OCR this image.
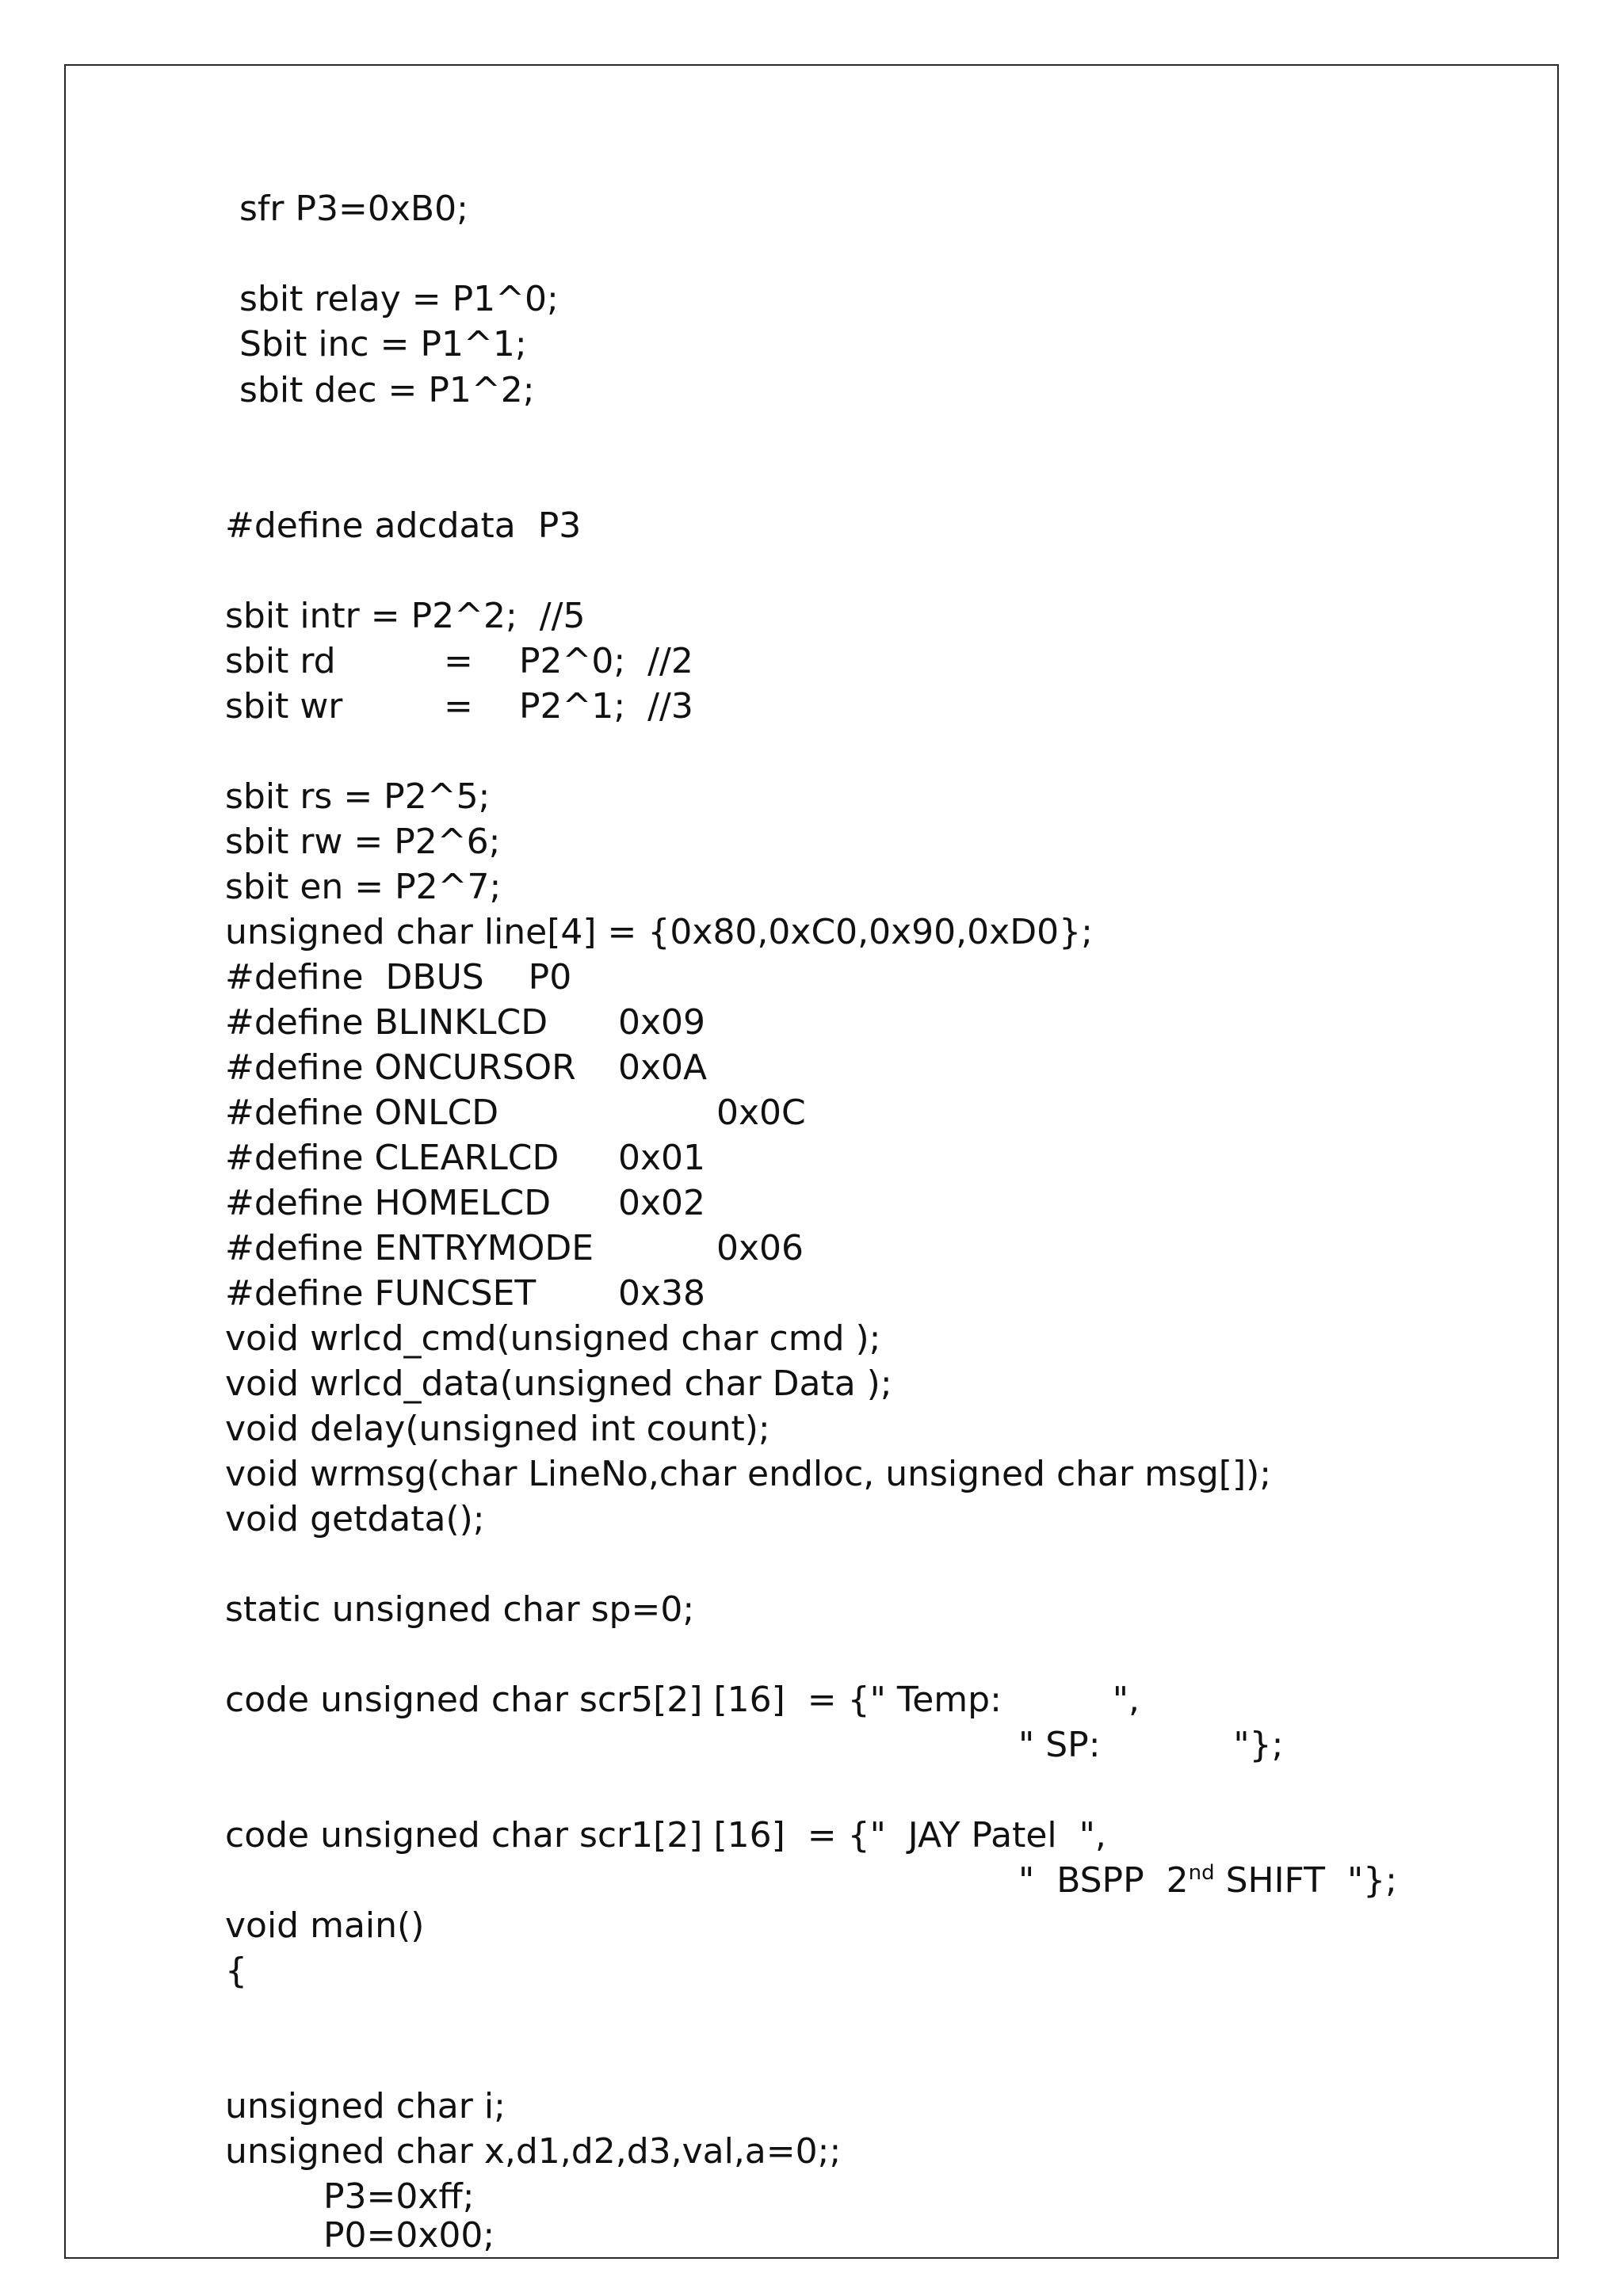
sfr P3=0xB0;
sbit relay = P1^0;
Sbit inc = P1^1;
sbit dec = P1^2;
#define adcdata  P3
sbit intr = P2^2;  //5
sbit rd	= P2^0;  //2
sbit wr	= P2^1;  //3
sbit rs = P2^5;
sbit rw = P2^6;
sbit en = P2^7;
unsigned char line[4] = {0x80,0xC0,0x90,0xD0};
#define  DBUS    P0
#define BLINKLCD 0x09
#define ONCURSOR 0x0A
#define ONLCD	0x0C
#define CLEARLCD 0x01
#define HOMELCD 0x02
#define ENTRYMODE	0x06
#define FUNCSET 0x38
void wrlcd_cmd(unsigned char cmd );
void wrlcd_data(unsigned char Data );
void delay(unsigned int count);
void wrmsg(char LineNo,char endloc, unsigned char msg[]);
void getdata();
static unsigned char sp=0;
code unsigned char scr5[2] [16]  = {" Temp:          ",
" SP:            "};
code unsigned char scr1[2] [16]  = {"  JAY Patel  ",
"  BSPP  2nd SHIFT  "};
void main()
{
unsigned char i;
unsigned char x,d1,d2,d3,val,a=0;;
P3=0xff;
P0=0x00;
